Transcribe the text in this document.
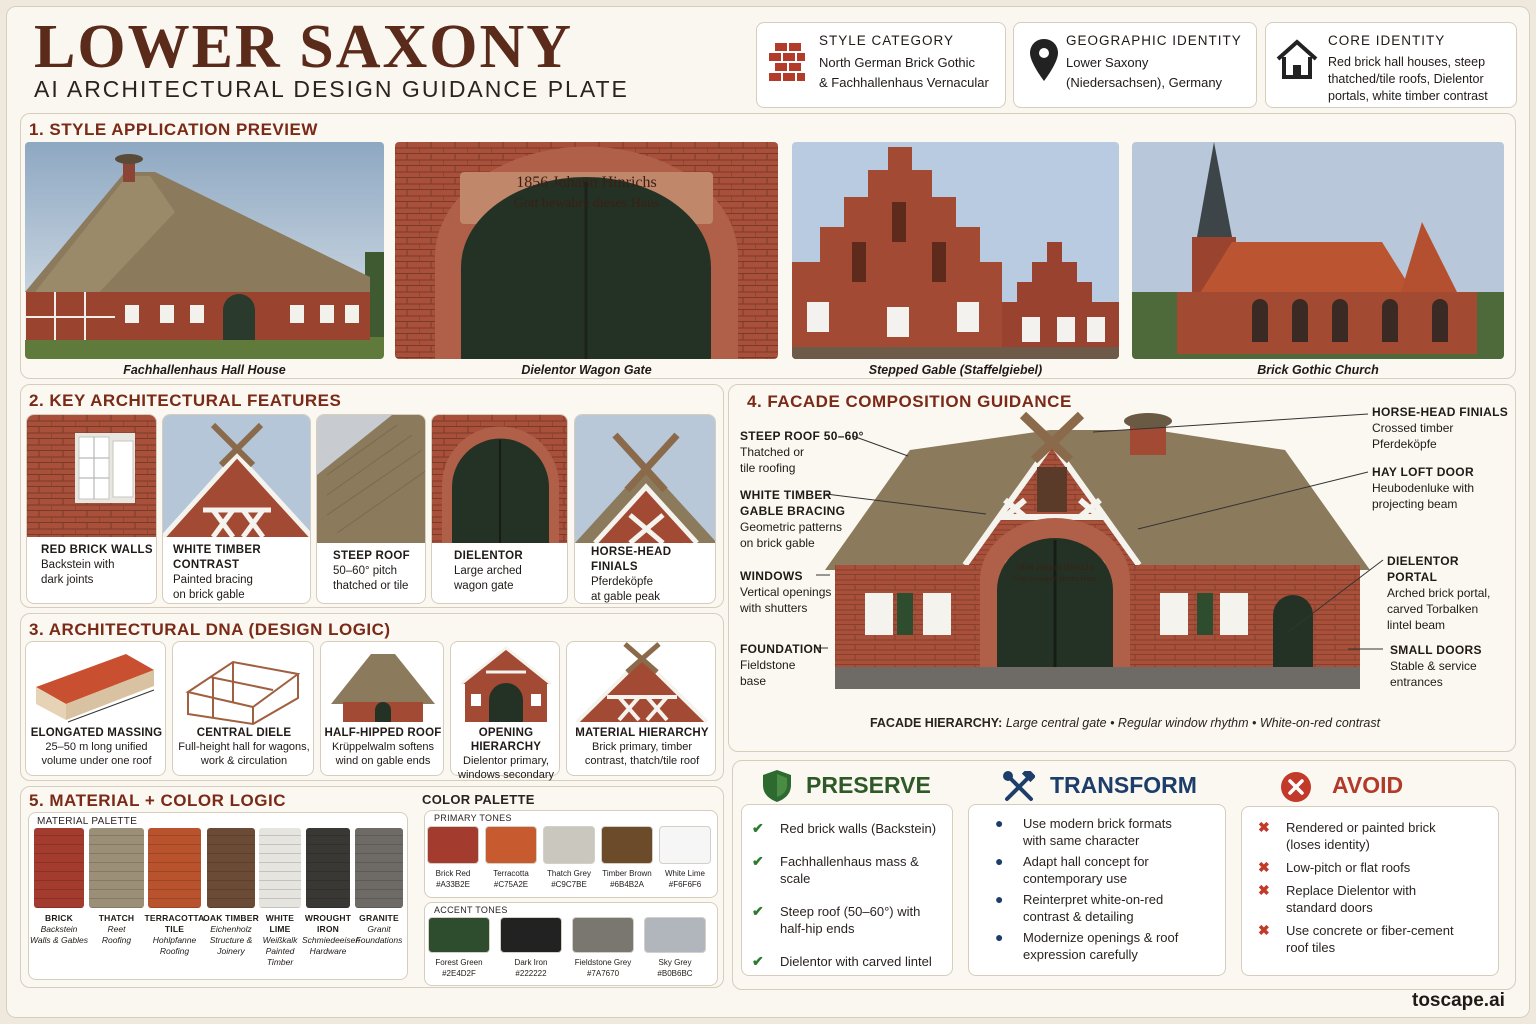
LOWER SAXONY
AI ARCHITECTURAL DESIGN GUIDANCE PLATE
STYLE CATEGORY
North German Brick Gothic
& Fachhallenhaus Vernacular
GEOGRAPHIC IDENTITY
Lower Saxony
(Niedersachsen), Germany
CORE IDENTITY
Red brick hall houses, steep
thatched/tile roofs, Dielentor
portals, white timber contrast
1. STYLE APPLICATION PREVIEW
1856 Johann Hinrichs
Gott bewahre dieses Haus
Fachhallenhaus Hall House	Dielentor Wagon Gate	Stepped Gable (Staffelgiebel)	Brick Gothic Church
2. KEY ARCHITECTURAL FEATURES
RED BRICK WALLS
Backstein with
dark joints
WHITE TIMBER
CONTRAST
Painted bracing
on brick gable
STEEP ROOF
50–60° pitch
thatched or tile
DIELENTOR
Large arched
wagon gate
HORSE-HEAD
FINIALS
Pferdeköpfe
at gable peak
3. ARCHITECTURAL DNA (DESIGN LOGIC)
ELONGATED MASSING
25–50 m long unified
volume under one roof
CENTRAL DIELE
Full-height hall for wagons,
work & circulation
HALF-HIPPED ROOF
Krüppelwalm softens
wind on gable ends
OPENING HIERARCHY
Dielentor primary,
windows secondary
MATERIAL HIERARCHY
Brick primary, timber
contrast, thatch/tile roof
4. FACADE COMPOSITION GUIDANCE
1856 Johann Hinrichs
Gott bewahre dieses Haus
STEEP ROOF 50–60°
Thatched or
tile roofing
WHITE TIMBER
GABLE BRACING
Geometric patterns
on brick gable
WINDOWS
Vertical openings
with shutters
FOUNDATION
Fieldstone
base
HORSE-HEAD FINIALS
Crossed timber
Pferdeköpfe
HAY LOFT DOOR
Heubodenluke with
projecting beam
DIELENTOR PORTAL
Arched brick portal,
carved Torbalken
lintel beam
SMALL DOORS
Stable & service
entrances
FACADE HIERARCHY: Large central gate • Regular window rhythm • White-on-red contrast
5. MATERIAL + COLOR LOGIC
MATERIAL PALETTE
BRICK
Backstein
Walls & Gables
THATCH
Reet
Roofing
TERRACOTTA TILE
Hohlpfanne
Roofing
OAK TIMBER
Eichenholz
Structure &
Joinery
WHITE LIME
Weißkalk
Painted
Timber
WROUGHT IRON
Schmiedeeisen
Hardware
GRANITE
Granit
Foundations
COLOR PALETTE
PRIMARY TONES
ACCENT TONES
Brick Red
#A33B2E
Terracotta
#C75A2E
Thatch Grey
#C9C7BE
Timber Brown
#6B4B2A
White Lime
#F6F6F6
Forest Green
#2E4D2F
Dark Iron
#222222
Fieldstone Grey
#7A7670
Sky Grey
#B0B6BC
PRESERVE
✔ Red brick walls (Backstein)
✔ Fachhallenhaus mass & scale
✔ Steep roof (50–60°) with
half-hip ends
✔ Dielentor with carved lintel
TRANSFORM
● Use modern brick formats
with same character
● Adapt hall concept for
contemporary use
● Reinterpret white-on-red
contrast & detailing
● Modernize openings & roof
expression carefully
AVOID
✖ Rendered or painted brick
(loses identity)
✖ Low-pitch or flat roofs
✖ Replace Dielentor with
standard doors
✖ Use concrete or fiber-cement
roof tiles
toscape.ai
